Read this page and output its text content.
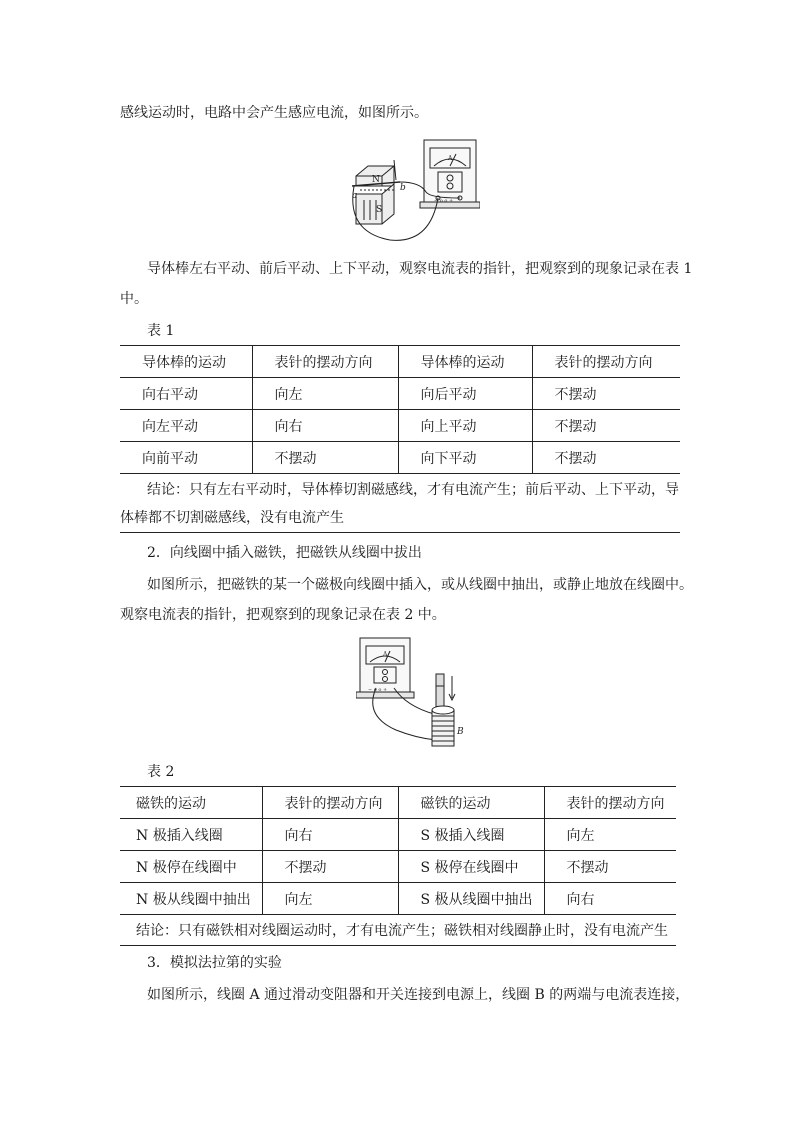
感线运动时，电路中会产生感应电流，如图所示。
N
S
a
b
A
− o o +
导体棒左右平动、前后平动、上下平动，观察电流表的指针，把观察到的现象记录在表 1
中。
表 1
导体棒的运动	表针的摆动方向	导体棒的运动	表针的摆动方向
向右平动	向左	向后平动	不摆动
向左平动	向右	向上平动	不摆动
向前平动	不摆动	向下平动	不摆动
结论：只有左右平动时，导体棒切割磁感线，才有电流产生；前后平动、上下平动，导
体棒都不切割磁感线，没有电流产生
2．向线圈中插入磁铁，把磁铁从线圈中拔出
如图所示，把磁铁的某一个磁极向线圈中插入，或从线圈中抽出，或静止地放在线圈中。
观察电流表的指针，把观察到的现象记录在表 2 中。
B
A
− o o +
表 2
磁铁的运动	表针的摆动方向	磁铁的运动	表针的摆动方向
N 极插入线圈	向右	S 极插入线圈	向左
N 极停在线圈中	不摆动	S 极停在线圈中	不摆动
N 极从线圈中抽出	向左	S 极从线圈中抽出	向右
结论：只有磁铁相对线圈运动时，才有电流产生；磁铁相对线圈静止时，没有电流产生
3．模拟法拉第的实验
如图所示，线圈 A 通过滑动变阻器和开关连接到电源上，线圈 B 的两端与电流表连接，
